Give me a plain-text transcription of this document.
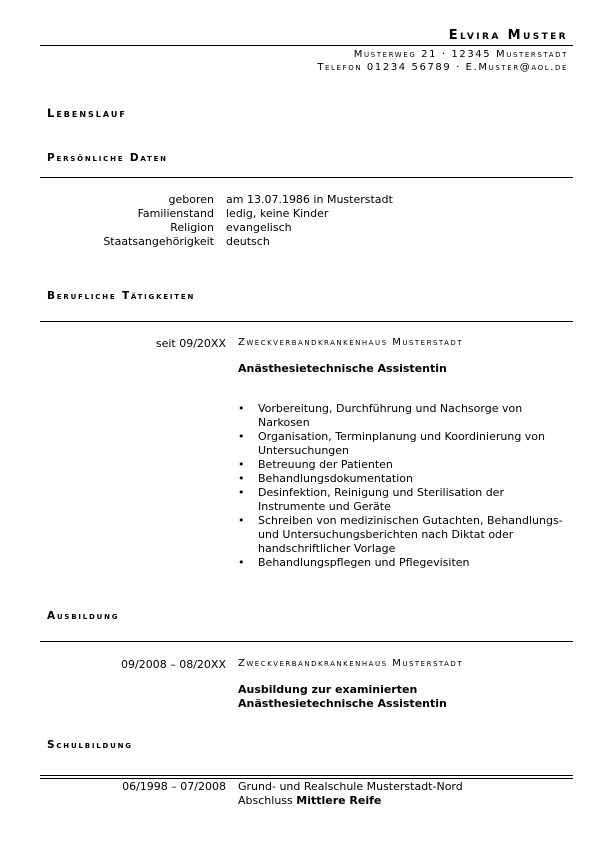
Elvira Muster
Musterweg 21 · 12345 Musterstadt
Telefon 01234 56789 · E.Muster@aol.de
Lebenslauf
Persönliche Daten
geboren	am 13.07.1986 in Musterstadt
Familienstand	ledig, keine Kinder
Religion	evangelisch
Staatsangehörigkeit	deutsch
Berufliche Tätigkeiten
seit 09/20XX Zweckverbandkrankenhaus Musterstadt
Anästhesietechnische Assistentin
• Vorbereitung, Durchführung und Nachsorge von Narkosen
• Organisation, Terminplanung und Koordinierung von Untersuchungen
• Betreuung der Patienten
• Behandlungsdokumentation
• Desinfektion, Reinigung und Sterilisation der Instrumente und Geräte
• Schreiben von medizinischen Gutachten, Behandlungs- und Untersuchungsberichten nach Diktat oder handschriftlicher Vorlage
• Behandlungspflegen und Pflegevisiten
Ausbildung
09/2008 – 08/20XX Zweckverbandkrankenhaus Musterstadt
Ausbildung zur examinierten
Anästhesietechnische Assistentin
Schulbildung
06/1998 – 07/2008 Grund- und Realschule Musterstadt-Nord
Abschluss Mittlere Reife
